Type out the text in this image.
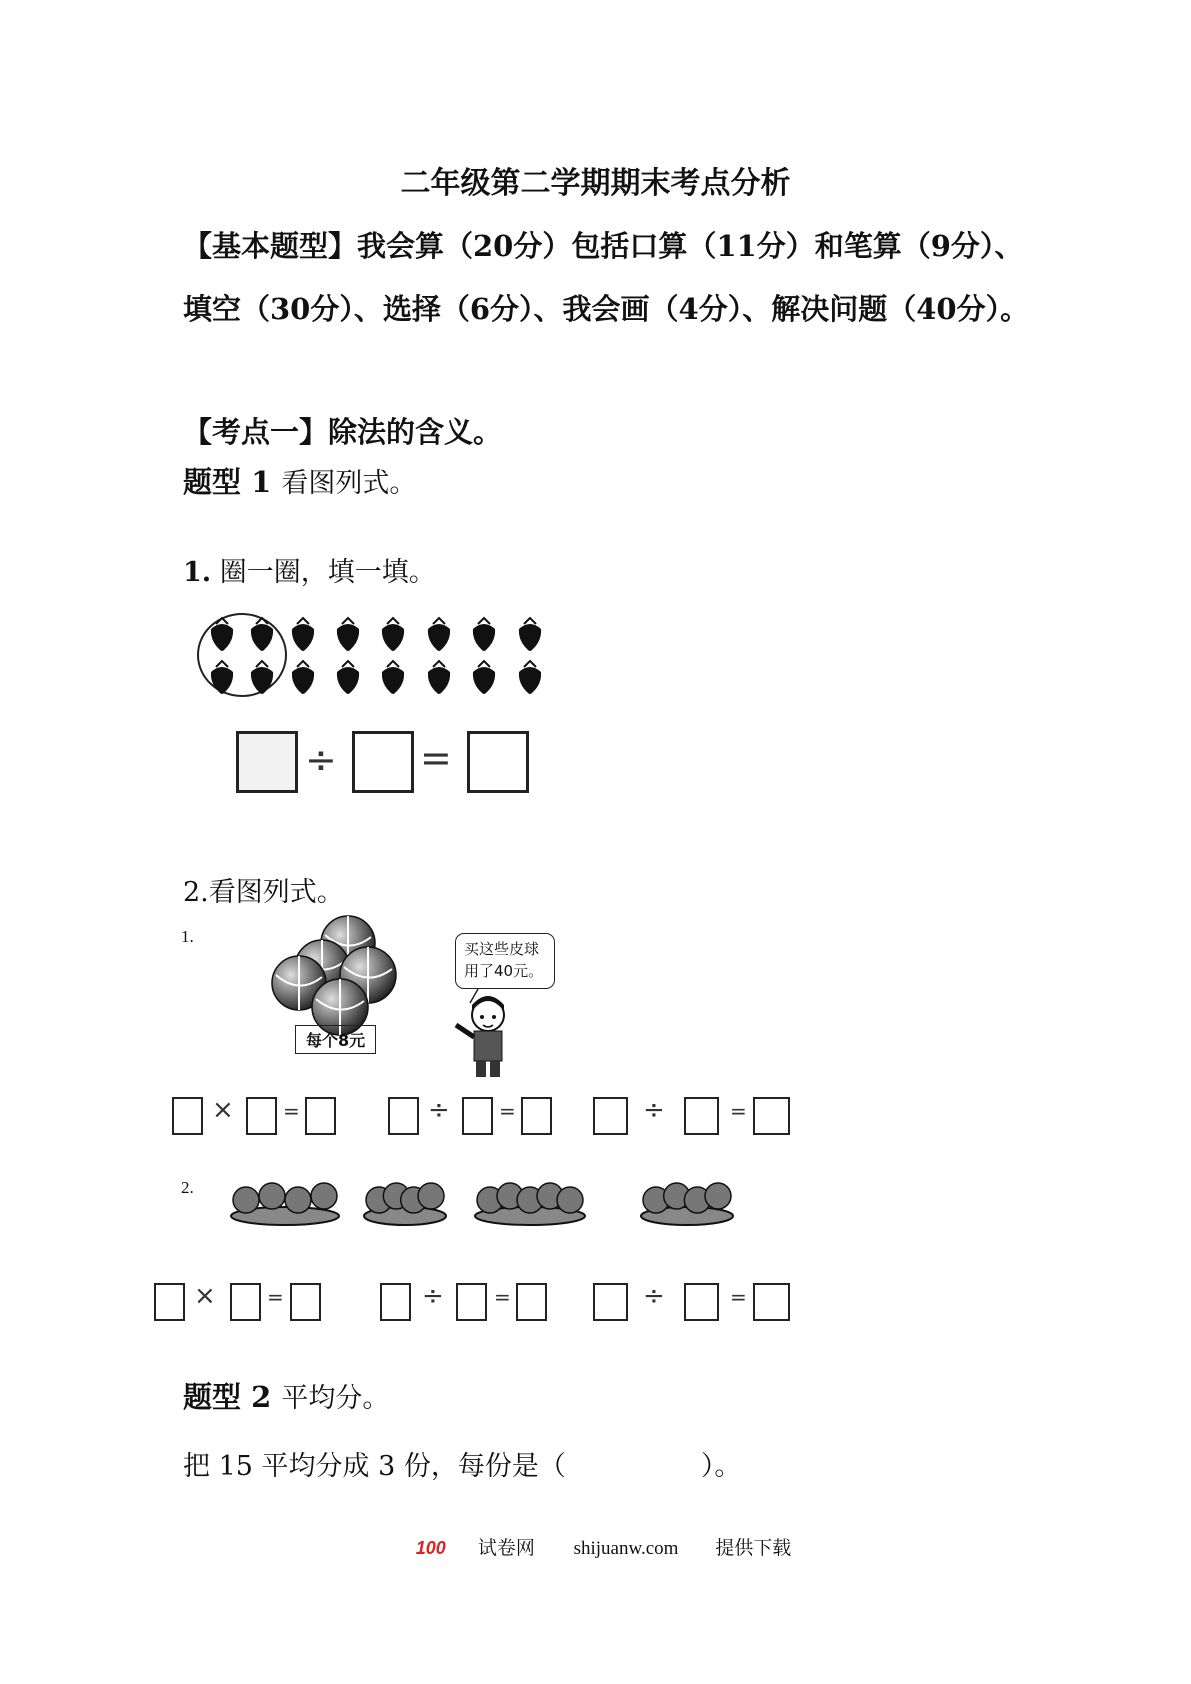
二年级第二学期期末考点分析
【基本题型】我会算（20分）包括口算（11分）和笔算（9分）、填空（30分）、选择（6分）、我会画（4分）、解决问题（40分）。
【考点一】除法的含义。
题型 1 看图列式。
1. 圈一圈，填一填。
÷ =
2.看图列式。
1.
每个8元
买这些皮球
用了40元。
× =	÷ =	÷	=
2.
×	=	÷	=	÷	=
题型 2 平均分。
把 15 平均分成 3 份，每份是（　　　　　）。
100 试卷网 shijuanw.com 提供下载
